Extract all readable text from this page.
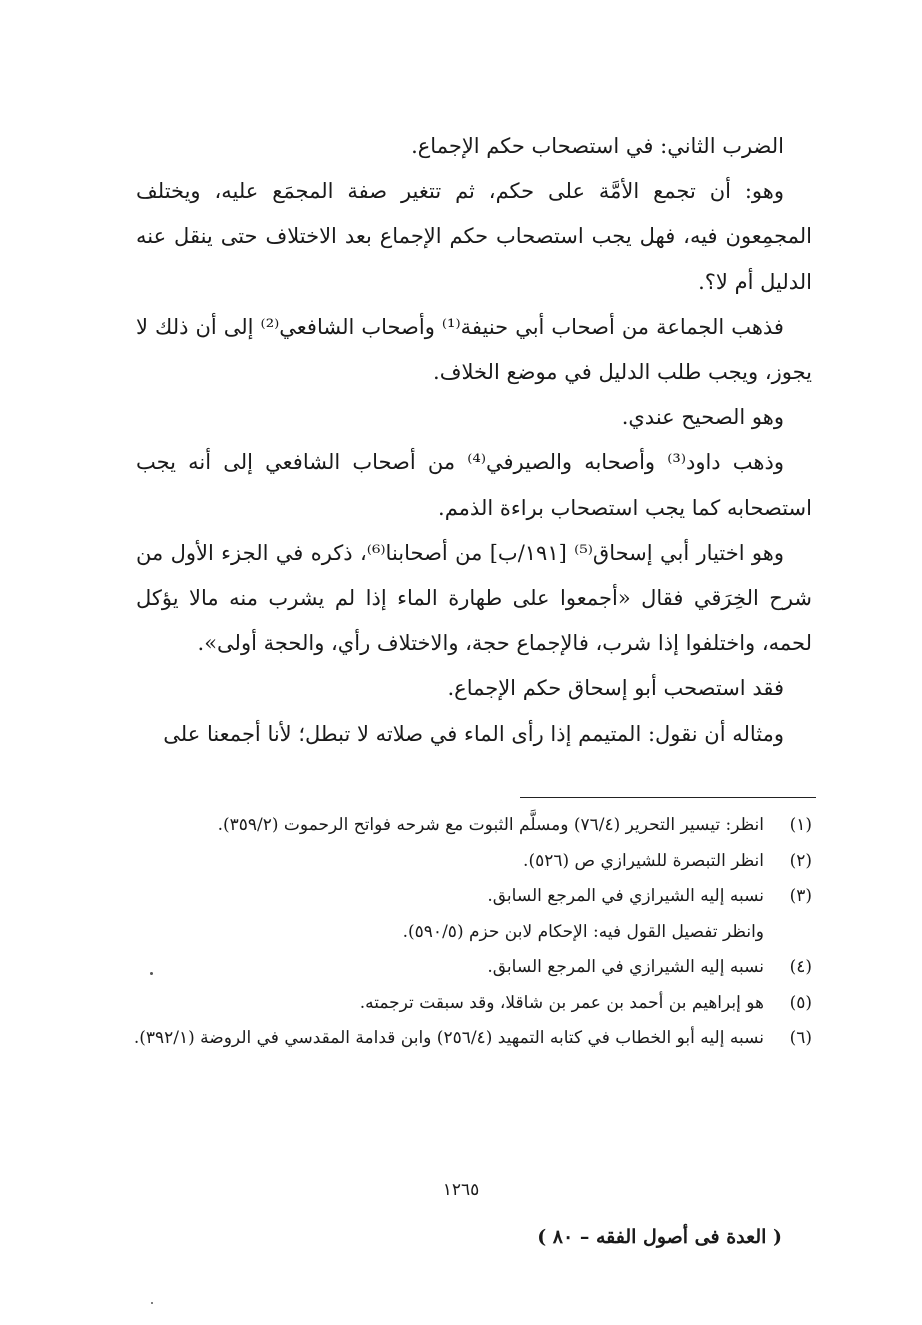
الضرب الثاني: في استصحاب حكم الإجماع.

وهو: أن تجمع الأمَّة على حكم، ثم تتغير صفة المجمَع عليه، ويختلف المجمِعون فيه، فهل يجب استصحاب حكم الإجماع بعد الاختلاف حتى ينقل عنه الدليل أم لا؟.

فذهب الجماعة من أصحاب أبي حنيفة⁽¹⁾ وأصحاب الشافعي⁽²⁾ إلى أن ذلك لا يجوز، ويجب طلب الدليل في موضع الخلاف.

وهو الصحيح عندي.

وذهب داود⁽³⁾ وأصحابه والصيرفي⁽⁴⁾ من أصحاب الشافعي إلى أنه يجب استصحابه كما يجب استصحاب براءة الذمم.

وهو اختيار أبي إسحاق⁽⁵⁾ [١٩١/ب] من أصحابنا⁽⁶⁾، ذكره في الجزء الأول من شرح الخِرَقي فقال «أجمعوا على طهارة الماء إذا لم يشرب منه مالا يؤكل لحمه، واختلفوا إذا شرب، فالإجماع حجة، والاختلاف رأي، والحجة أولى».

فقد استصحب أبو إسحاق حكم الإجماع.

ومثاله أن نقول: المتيمم إذا رأى الماء في صلاته لا تبطل؛ لأنا أجمعنا على

(١)
انظر: تيسير التحرير (٧٦/٤) ومسلَّم الثبوت مع شرحه فواتح الرحموت (٣٥٩/٢).
(٢)
انظر التبصرة للشيرازي ص (٥٢٦).
(٣)
نسبه إليه الشيرازي في المرجع السابق.
وانظر تفصيل القول فيه: الإحكام لابن حزم (٥٩٠/٥).
(٤)
نسبه إليه الشيرازي في المرجع السابق.
(٥)
هو إبراهيم بن أحمد بن عمر بن شاقلا، وقد سبقت ترجمته.
(٦)
نسبه إليه أبو الخطاب في كتابه التمهيد (٢٥٦/٤) وابن قدامة المقدسي في الروضة (٣٩٢/١).
١٢٦٥
( العدة فى أصول الفقه – ٨٠ )
